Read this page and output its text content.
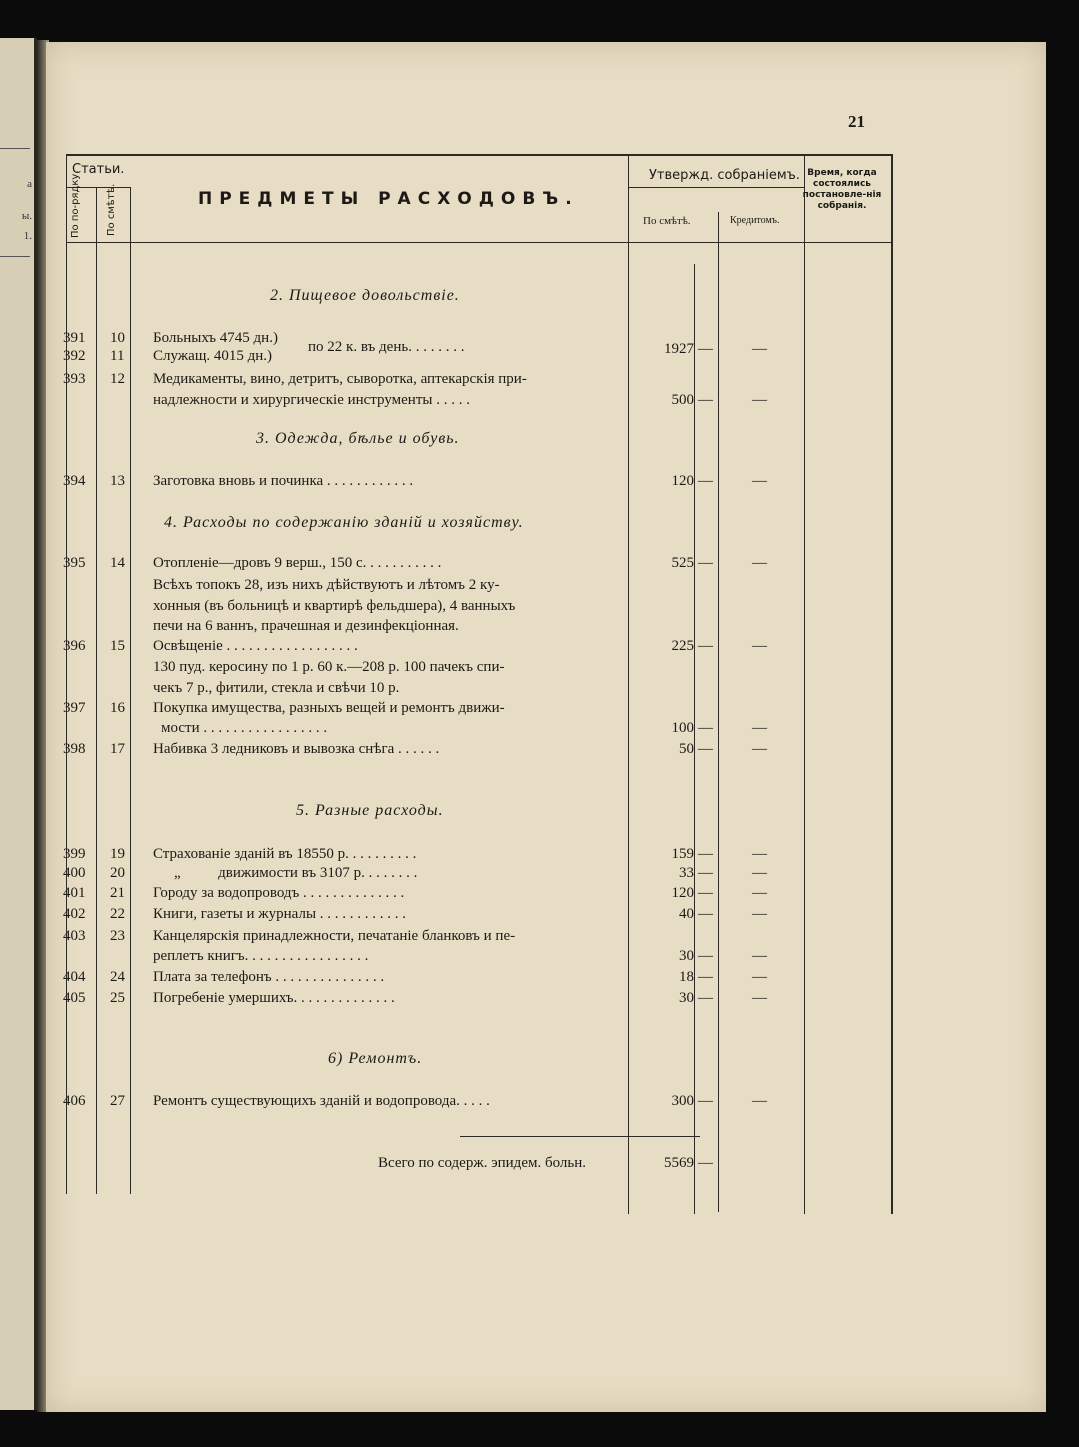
а
ы.
1.
21
Статьи.
По по-рядку.	По смѣтѣ.	ПРЕДМЕТЫ РАСХОДОВЪ.
Утвержд. собраніемъ. Время, когда состоялись постановле-нія собранія.
По смѣтѣ.	Кредитомъ.
2. Пищевое довольствіе.
391 10 Больныхъ 4745 дн.)
392 11 Служащ. 4015 дн.)
по 22 к. въ день. . . . . . . .	1927 —	—
393 12 Медикаменты, вино, детритъ, сыворотка, аптекарскія при-
надлежности и хирургическіе инструменты . . . . .	500 —	—
3. Одежда, бѣлье и обувь.
394 13 Заготовка вновь и починка . . . . . . . . . . . .	120 —	—
4. Расходы по содержанію зданій и хозяйству.
395 14 Отопленіе—дровъ 9 верш., 150 с. . . . . . . . . . .	525 —	—
Всѣхъ топокъ 28, изъ нихъ дѣйствуютъ и лѣтомъ 2 ку-
хонныя (въ больницѣ и квартирѣ фельдшера), 4 ванныхъ
печи на 6 ваннъ, прачешная и дезинфекціонная.
396 15 Освѣщеніе . . . . . . . . . . . . . . . . . .	225 —	—
130 пуд. керосину по 1 р. 60 к.—208 р. 100 пачекъ спи-
чекъ 7 р., фитили, стекла и свѣчи 10 р.
397 16 Покупка имущества, разныхъ вещей и ремонтъ движи-
мости . . . . . . . . . . . . . . . . .	100 —	—
398 17 Набивка 3 ледниковъ и вывозка снѣга . . . . . .	50 —	—
5. Разные расходы.
399 19 Страхованіе зданій въ 18550 р. . . . . . . . . .	159 —	—
400 20	„          движимости въ 3107 р. . . . . . . .	33 —	—
401 21 Городу за водопроводъ . . . . . . . . . . . . . .	120 —	—
402 22 Книги, газеты и журналы . . . . . . . . . . . .	40 —	—
403 23 Канцелярскія принадлежности, печатаніе бланковъ и пе-
реплетъ книгъ. . . . . . . . . . . . . . . . .	30 —	—
404 24 Плата за телефонъ . . . . . . . . . . . . . . .	18 —	—
405 25 Погребеніе умершихъ. . . . . . . . . . . . . .	30 —	—
6) Ремонтъ.
406 27 Ремонтъ существующихъ зданій и водопровода. . . . .	300 —	—
Всего по содерж. эпидем. больн.	5569 —
